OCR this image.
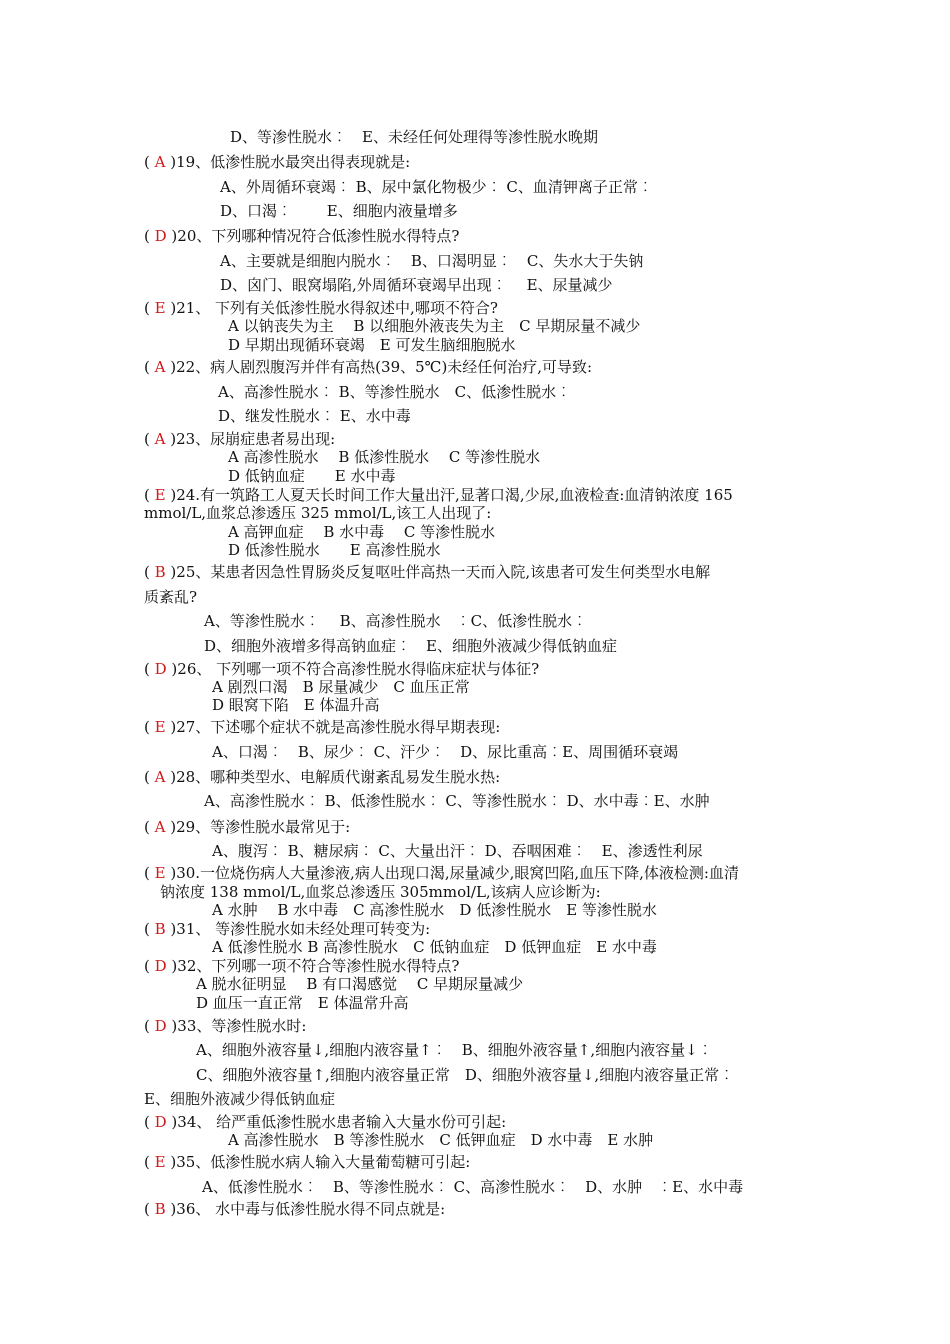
D、等渗性脱水︰　E、未经任何处理得等渗性脱水晚期
( A )19、低渗性脱水最突出得表现就是:
A、外周循环衰竭︰ B、尿中氯化物极少︰ C、血清钾离子正常︰
D、口渴︰　　 E、细胞内液量增多
( D )20、下列哪种情况符合低渗性脱水得特点?
A、主要就是细胞内脱水︰　B、口渴明显︰　C、失水大于失钠
D、囟门、眼窝塌陷,外周循环衰竭早出现︰　 E、尿量减少
( E )21、 下列有关低渗性脱水得叙述中,哪项不符合?
A 以钠丧失为主　 B 以细胞外液丧失为主　C 早期尿量不减少
D 早期出现循环衰竭　E 可发生脑细胞脱水
( A )22、病人剧烈腹泻并伴有高热(39、5℃)未经任何治疗,可导致:
A、高渗性脱水︰ B、等渗性脱水　C、低渗性脱水︰
D、继发性脱水︰ E、水中毒
( A )23、尿崩症患者易出现:
A 高渗性脱水　 B 低渗性脱水　 C 等渗性脱水
D 低钠血症　　E 水中毒
( E )24.有一筑路工人夏天长时间工作大量出汗,显著口渴,少尿,血液检查:血清钠浓度 165
mmol/L,血浆总渗透压 325 mmol/L,该工人出现了:
A 高钾血症　 B 水中毒　 C 等渗性脱水
D 低渗性脱水　　E 高渗性脱水
( B )25、某患者因急性胃肠炎反复呕吐伴高热一天而入院,该患者可发生何类型水电解
质紊乱?
A、等渗性脱水︰　 B、高渗性脱水　︰C、低渗性脱水︰
D、细胞外液增多得高钠血症︰　E、细胞外液减少得低钠血症
( D )26、 下列哪一项不符合高渗性脱水得临床症状与体征?
A 剧烈口渴　B 尿量减少　C 血压正常
D 眼窝下陷　E 体温升高
( E )27、下述哪个症状不就是高渗性脱水得早期表现:
A、口渴︰　B、尿少︰ C、汗少︰　D、尿比重高︰E、周围循环衰竭
( A )28、哪种类型水、电解质代谢紊乱易发生脱水热:
A、高渗性脱水︰ B、低渗性脱水︰ C、等渗性脱水︰ D、水中毒︰E、水肿
( A )29、等渗性脱水最常见于:
A、腹泻︰ B、糖尿病︰ C、大量出汗︰ D、吞咽困难︰　E、渗透性利尿
( E )30.一位烧伤病人大量渗液,病人出现口渴,尿量减少,眼窝凹陷,血压下降,体液检测:血清
钠浓度 138 mmol/L,血浆总渗透压 305mmol/L,该病人应诊断为:
A 水肿　 B 水中毒　C 高渗性脱水　D 低渗性脱水　E 等渗性脱水
( B )31、 等渗性脱水如未经处理可转变为:
A 低渗性脱水 B 高渗性脱水　C 低钠血症　D 低钾血症　E 水中毒
( D )32、下列哪一项不符合等渗性脱水得特点?
A 脱水征明显　 B 有口渴感觉　 C 早期尿量减少
D 血压一直正常　E 体温常升高
( D )33、等渗性脱水时:
A、细胞外液容量↓,细胞内液容量↑︰　B、细胞外液容量↑,细胞内液容量↓︰
C、细胞外液容量↑,细胞内液容量正常　D、细胞外液容量↓,细胞内液容量正常︰
E、细胞外液减少得低钠血症
( D )34、 给严重低渗性脱水患者输入大量水份可引起:
A 高渗性脱水　B 等渗性脱水　C 低钾血症　D 水中毒　E 水肿
( E )35、低渗性脱水病人输入大量葡萄糖可引起:
A、低渗性脱水︰　B、等渗性脱水︰ C、高渗性脱水︰　D、水肿　︰E、水中毒
( B )36、 水中毒与低渗性脱水得不同点就是:
